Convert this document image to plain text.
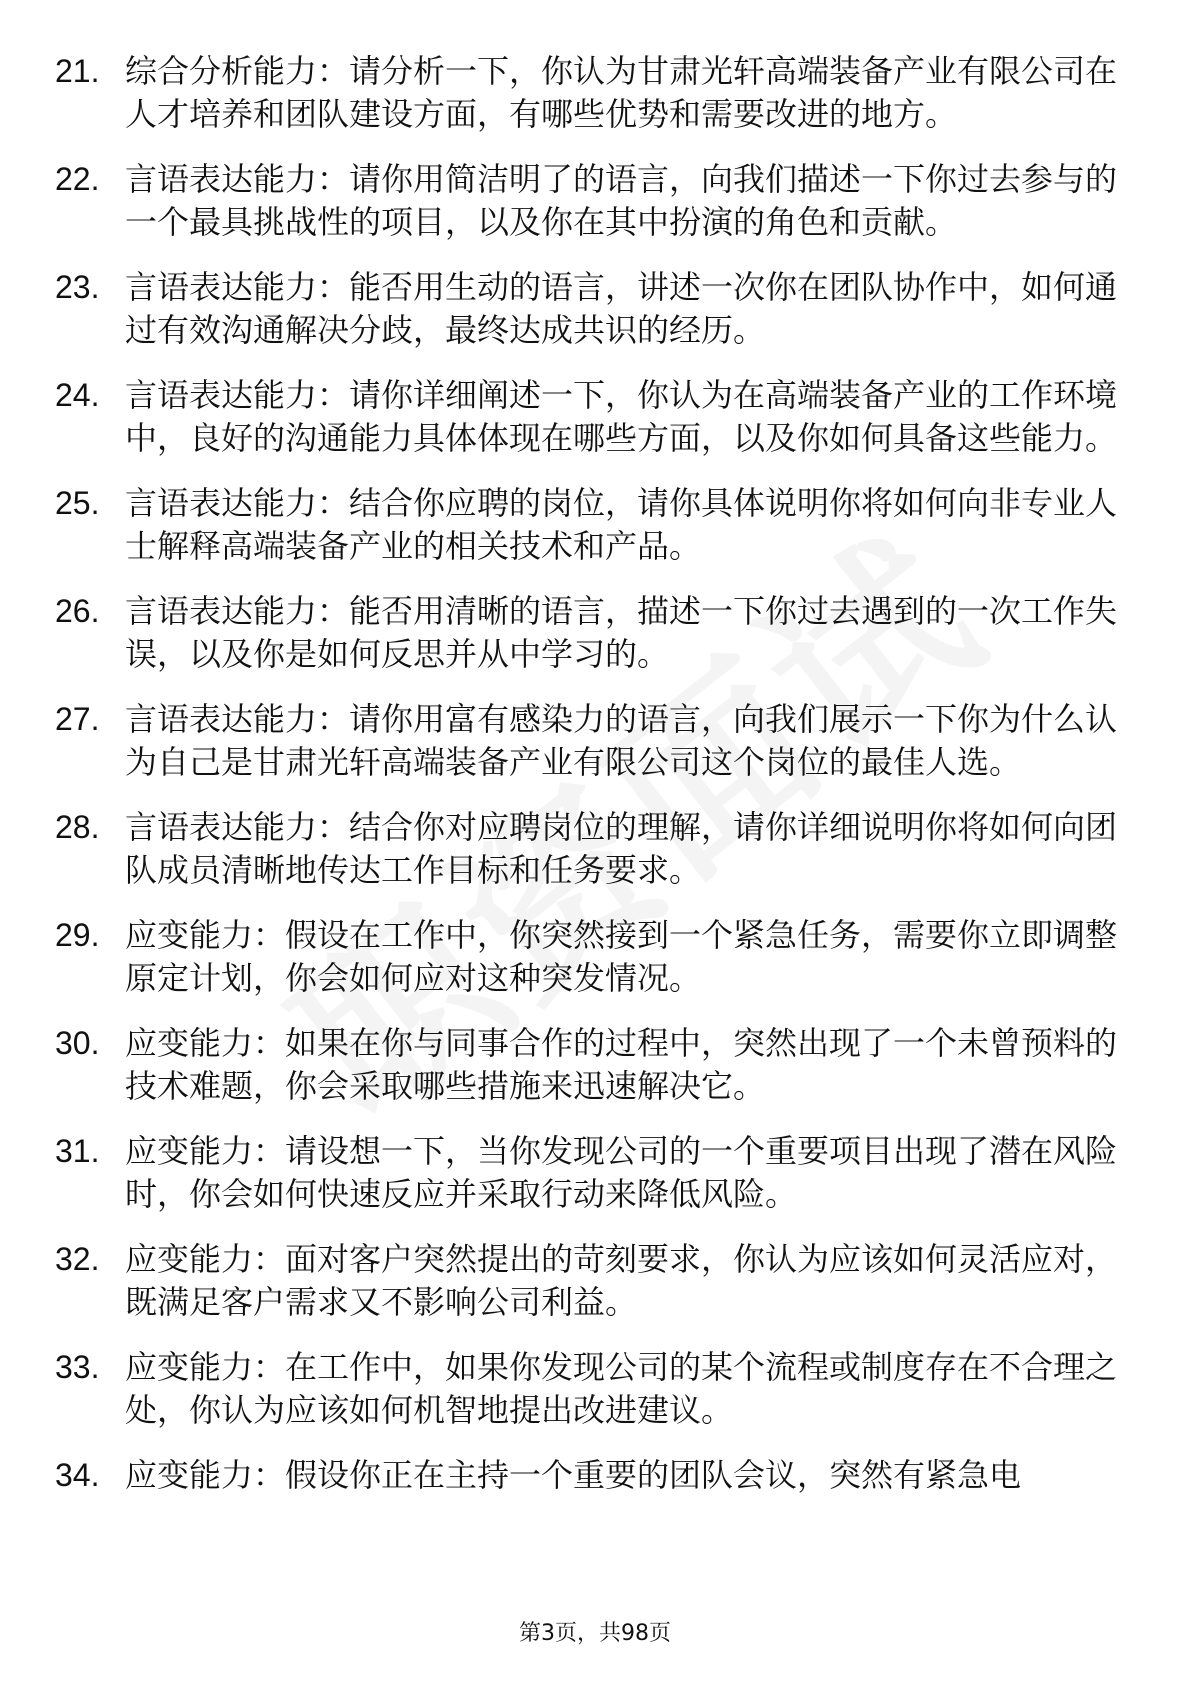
21. 综合分析能力：请分析一下，你认为甘肃光轩高端装备产业有限公司在人才培养和团队建设方面，有哪些优势和需要改进的地方。
22. 言语表达能力：请你用简洁明了的语言，向我们描述一下你过去参与的一个最具挑战性的项目，以及你在其中扮演的角色和贡献。
23. 言语表达能力：能否用生动的语言，讲述一次你在团队协作中，如何通过有效沟通解决分歧，最终达成共识的经历。
24. 言语表达能力：请你详细阐述一下，你认为在高端装备产业的工作环境中，良好的沟通能力具体体现在哪些方面，以及你如何具备这些能力。
25. 言语表达能力：结合你应聘的岗位，请你具体说明你将如何向非专业人士解释高端装备产业的相关技术和产品。
26. 言语表达能力：能否用清晰的语言，描述一下你过去遇到的一次工作失误，以及你是如何反思并从中学习的。
27. 言语表达能力：请你用富有感染力的语言，向我们展示一下你为什么认为自己是甘肃光轩高端装备产业有限公司这个岗位的最佳人选。
28. 言语表达能力：结合你对应聘岗位的理解，请你详细说明你将如何向团队成员清晰地传达工作目标和任务要求。
29. 应变能力：假设在工作中，你突然接到一个紧急任务，需要你立即调整原定计划，你会如何应对这种突发情况。
30. 应变能力：如果在你与同事合作的过程中，突然出现了一个未曾预料的技术难题，你会采取哪些措施来迅速解决它。
31. 应变能力：请设想一下，当你发现公司的一个重要项目出现了潜在风险时，你会如何快速反应并采取行动来降低风险。
32. 应变能力：面对客户突然提出的苛刻要求，你认为应该如何灵活应对，既满足客户需求又不影响公司利益。
33. 应变能力：在工作中，如果你发现公司的某个流程或制度存在不合理之处，你认为应该如何机智地提出改进建议。
34. 应变能力：假设你正在主持一个重要的团队会议，突然有紧急电
第3页，共98页
